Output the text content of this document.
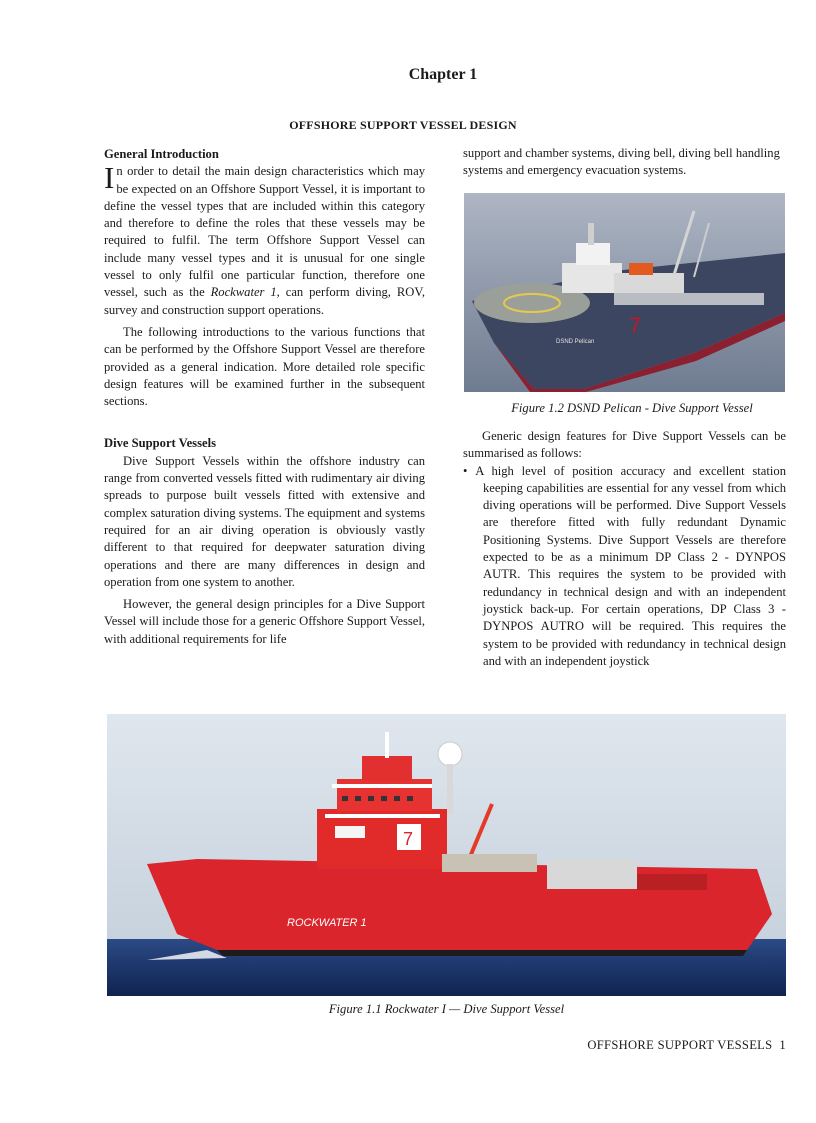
Chapter 1
OFFSHORE SUPPORT VESSEL DESIGN
General Introduction

In order to detail the main design characteristics which may be expected on an Offshore Support Vessel, it is important to define the vessel types that are included within this category and therefore to define the roles that these vessels may be required to fulfil. The term Offshore Support Vessel can include many vessel types and it is unusual for one single vessel to only fulfil one particular function, therefore one vessel, such as the Rockwater 1, can perform diving, ROV, survey and construction support operations.

The following introductions to the various functions that can be performed by the Offshore Support Vessel are therefore provided as a general indication. More detailed role specific design features will be examined further in the subsequent sections.

Dive Support Vessels

Dive Support Vessels within the offshore industry can range from converted vessels fitted with rudimentary air diving spreads to purpose built vessels fitted with extensive and complex saturation diving systems. The equipment and systems required for an air diving operation is obviously vastly different to that required for deepwater saturation diving operations and there are many differences in design and operation from one system to another.

However, the general design principles for a Dive Support Vessel will include those for a generic Offshore Support Vessel, with additional requirements for life

support and chamber systems, diving bell, diving bell handling systems and emergency evacuation systems.

7
DSND Pelican
Figure 1.2 DSND Pelican - Dive Support Vessel

Generic design features for Dive Support Vessels can be summarised as follows:

• A high level of position accuracy and excellent station keeping capabilities are essential for any vessel from which diving operations will be performed. Dive Support Vessels are therefore fitted with fully redundant Dynamic Positioning Systems. Dive Support Vessels are therefore expected to be as a minimum DP Class 2 - DYNPOS AUTR. This requires the system to be provided with redundancy in technical design and with an independent joystick back-up. For certain operations, DP Class 3 - DYNPOS AUTRO will be required. This requires the system to be provided with redundancy in technical design and with an independent joystick

7
ROCKWATER 1
Figure 1.1 Rockwater I — Dive Support Vessel
OFFSHORE SUPPORT VESSELS 1
